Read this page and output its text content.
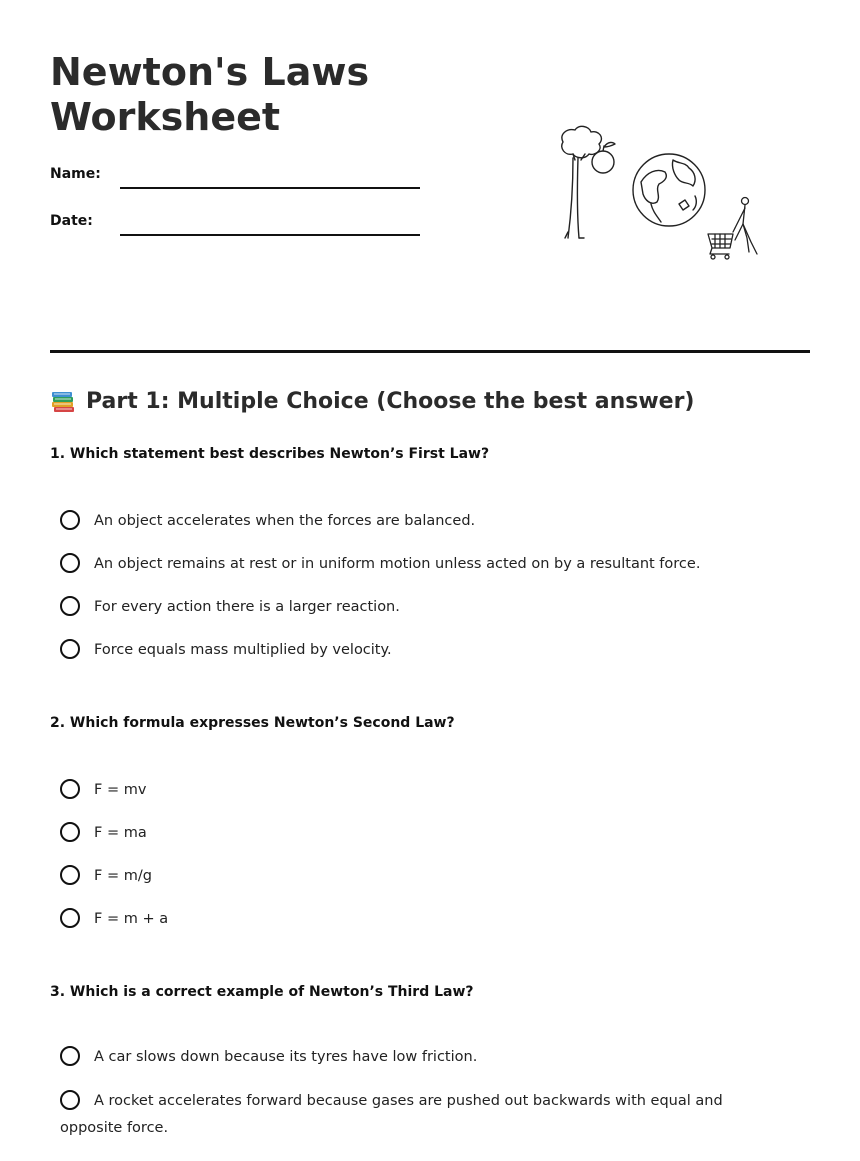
Newton's Laws Worksheet
Name:
Date:
Part 1: Multiple Choice (Choose the best answer)

1. Which statement best describes Newton’s First Law?

An object accelerates when the forces are balanced.
An object remains at rest or in uniform motion unless acted on by a resultant force.
For every action there is a larger reaction.
Force equals mass multiplied by velocity.

2. Which formula expresses Newton’s Second Law?

F = mv
F = ma
F = m/g
F = m + a

3. Which is a correct example of Newton’s Third Law?

A car slows down because its tyres have low friction.
A rocket accelerates forward because gases are pushed out backwards with equal and opposite force.
